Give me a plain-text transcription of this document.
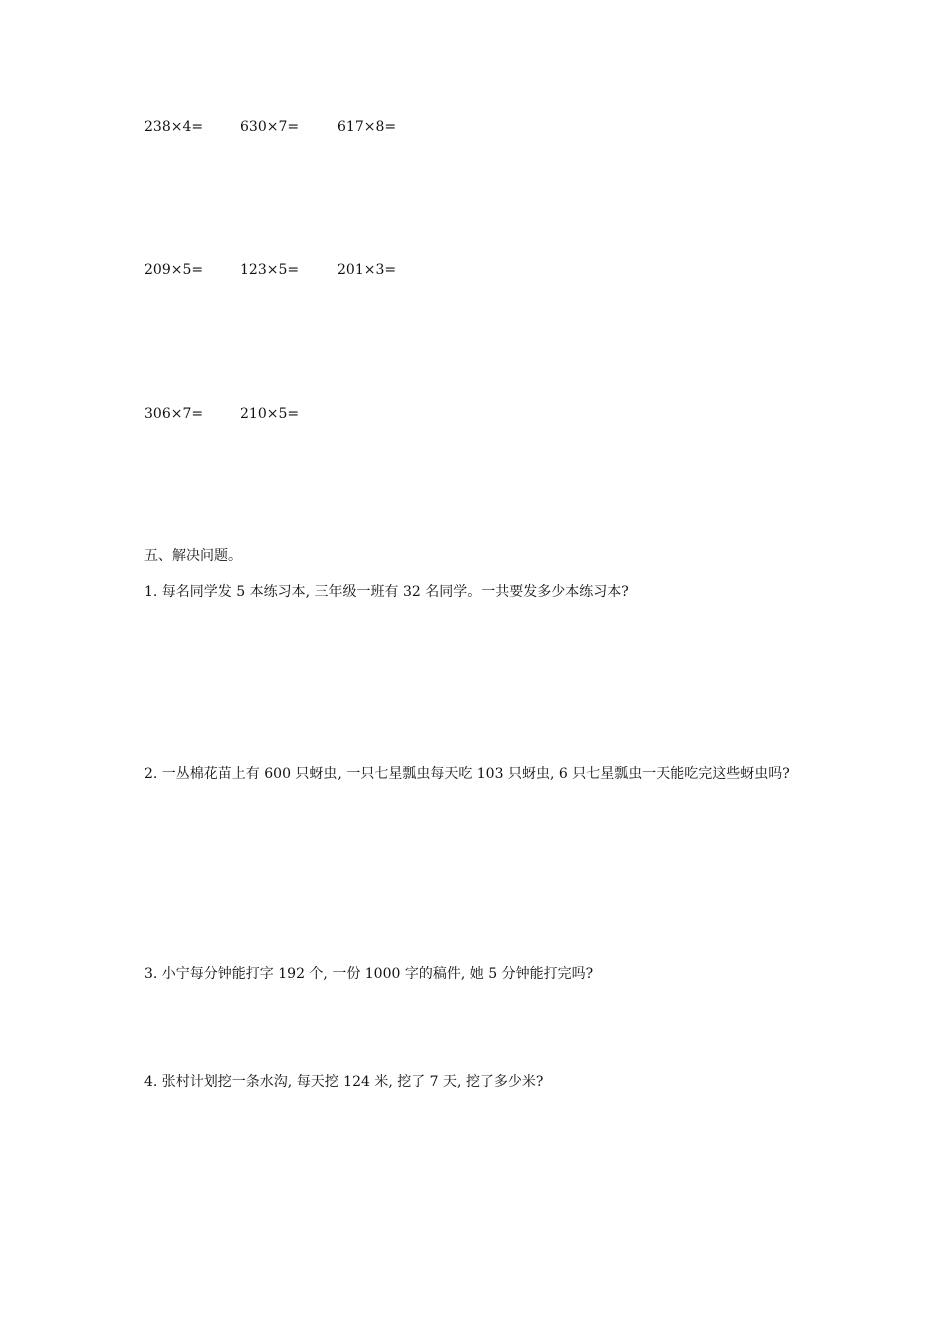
238×4=	630×7=	617×8=
209×5=	123×5=	201×3=
306×7=	210×5=
五、解决问题。
1. 每名同学发 5 本练习本, 三年级一班有 32 名同学。一共要发多少本练习本?
2. 一丛棉花苗上有 600 只蚜虫, 一只七星瓢虫每天吃 103 只蚜虫, 6 只七星瓢虫一天能吃完这些蚜虫吗?
3. 小宁每分钟能打字 192 个, 一份 1000 字的稿件, 她 5 分钟能打完吗?
4. 张村计划挖一条水沟, 每天挖 124 米, 挖了 7 天, 挖了多少米?
